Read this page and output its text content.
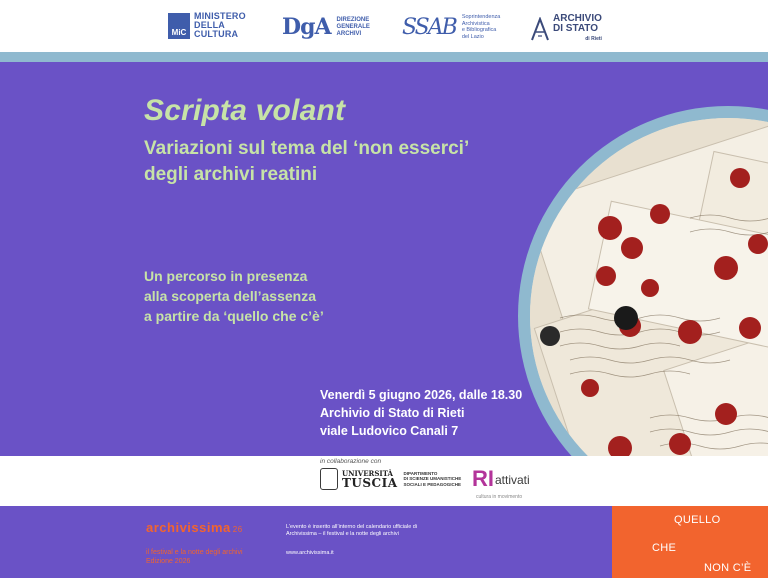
MiC
MINISTERO
DELLA
CULTURA	DgA DIREZIONE
GENERALE
ARCHIVI	SSAB Soprintendenza
Archivistica
e Bibliografica
del Lazio
ARCHIVIO
DI STATO
di Rieti
Scripta volant
Variazioni sul tema del ‘non esserci’
degli archivi reatini
Un percorso in presenza
alla scoperta dell’assenza
a partire da ‘quello che c’è’
Venerdì 5 giugno 2026, dalle 18.30
Archivio di Stato di Rieti
viale Ludovico Canali 7
in collaborazione con
UNIVERSITÀ
TUSCIA
DIPARTIMENTO
DI SCIENZE UMANISTICHE
SOCIALI E PEDAGOGICHE RI attivati
cultura in movimento
archivissima 26
il festival e la notte degli archivi
Edizione 2026
L’evento è inserito all’interno del calendario ufficiale di Archivissima – il festival e la notte degli archivi
www.archivissima.it
QUELLO
CHE
NON C’È
